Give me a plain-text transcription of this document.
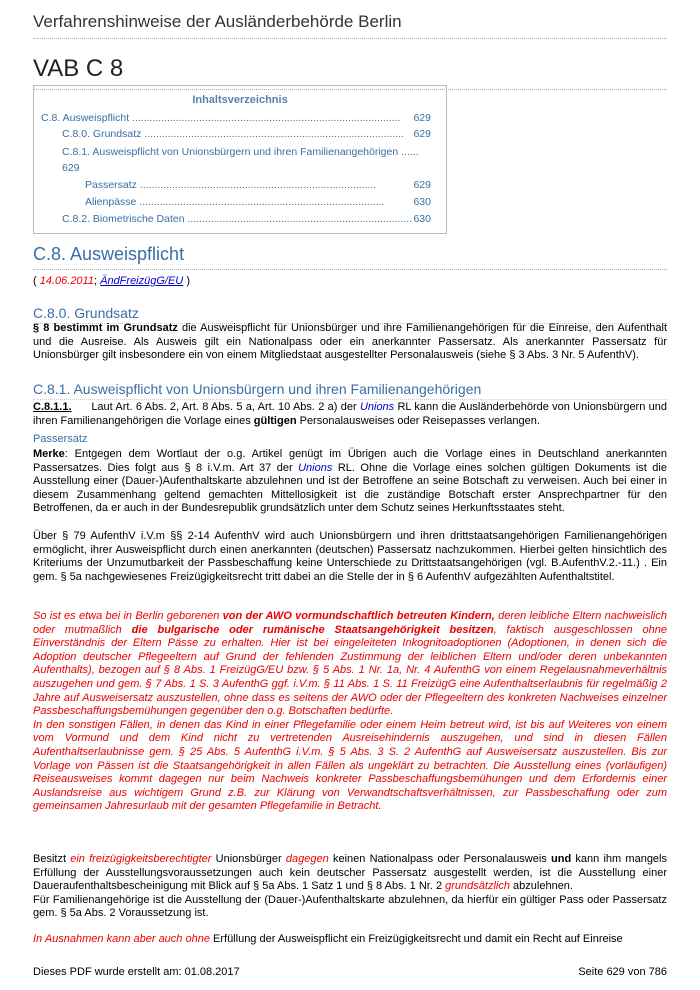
Verfahrenshinweise der Ausländerbehörde Berlin
VAB C 8
Inhaltsverzeichnis
C.8. Ausweispflicht ............................................................................................ 629
C.8.0. Grundsatz ......................................................................................... 629
C.8.1. Ausweispflicht von Unionsbürgern und ihren Familienangehörigen ......
629
Passersatz .................................................................................	629
Alienpässe ....................................................................................	630
C.8.2. Biometrische Daten ............................................................................. 630
C.8. Ausweispflicht
( 14.06.2011; ÄndFreizügG/EU )
C.8.0. Grundsatz
§ 8 bestimmt im Grundsatz die Ausweispflicht für Unionsbürger und ihre Familienangehörigen für die Einreise, den Aufenthalt und die Ausreise. Als Ausweis gilt ein Nationalpass oder ein anerkannter Passersatz. Als anerkannter Passersatz für Unionsbürger gilt insbesondere ein von einem Mitgliedstaat ausgestellter Personalausweis (siehe § 3 Abs. 3 Nr. 5 AufenthV).
C.8.1. Ausweispflicht von Unionsbürgern und ihren Familienangehörigen
C.8.1.1.      Laut Art. 6 Abs. 2, Art. 8 Abs. 5 a, Art. 10 Abs. 2 a) der Unions RL kann die Ausländerbehörde von Unionsbürgern und ihren Familienangehörigen die Vorlage eines gültigen Personalausweises oder Reisepasses verlangen.
Passersatz
Merke: Entgegen dem Wortlaut der o.g. Artikel genügt im Übrigen auch die Vorlage eines in Deutschland anerkannten Passersatzes. Dies folgt aus § 8 i.V.m. Art 37 der Unions RL. Ohne die Vorlage eines solchen gültigen Dokuments ist die Ausstellung einer (Dauer-)Aufenthaltskarte abzulehnen und ist der Betroffene an seine Botschaft zu verweisen. Auch bei einer in diesem Zusammenhang geltend gemachten Mittellosigkeit ist die zuständige Botschaft erster Ansprechpartner für den Betroffenen, da er auch in der Bundesrepublik grundsätzlich unter dem Schutz seines Herkunftsstaates steht.
Über § 79 AufenthV i.V.m §§ 2-14 AufenthV wird auch Unionsbürgern und ihren drittstaatsangehörigen Familienangehörigen ermöglicht, ihrer Ausweispflicht durch einen anerkannten (deutschen) Passersatz nachzukommen. Hierbei gelten hinsichtlich des Kriteriums der Unzumutbarkeit der Passbeschaffung keine Unterschiede zu Drittstaatsangehörigen (vgl. B.AufenthV.2.-11.) . Ein gem. § 5a nachgewiesenes Freizügigkeitsrecht tritt dabei an die Stelle der in § 6 AufenthV aufgezählten Aufenthaltstitel.
So ist es etwa bei in Berlin geborenen von der AWO vormundschaftlich betreuten Kindern, deren leibliche Eltern nachweislich oder mutmaßlich die bulgarische oder rumänische Staatsangehörigkeit besitzen, faktisch ausgeschlossen ohne Einverständnis der Eltern Pässe zu erhalten. Hier ist bei eingeleiteten Inkognitoadoptionen (Adoptionen, in denen sich die Adoption deutscher Pflegeeltern auf Grund der fehlenden Zustimmung der leiblichen Eltern und/oder deren unbekannten Aufenthalts), bezogen auf § 8 Abs. 1 FreizügG/EU bzw. § 5 Abs. 1 Nr. 1a, Nr. 4 AufenthG von einem Regelausnahmeverhältnis auszugehen und gem. § 7 Abs. 1 S. 3 AufenthG ggf. i.V.m. § 11 Abs. 1 S. 11 FreizügG eine Aufenthaltserlaubnis für regelmäßig 2 Jahre auf Ausweisersatz auszustellen, ohne dass es seitens der AWO oder der Pflegeeltern des konkreten Nachweises einzelner Passbeschaffungsbemühungen gegenüber den o.g. Botschaften bedürfte.
In den sonstigen Fällen, in denen das Kind in einer Pflegefamilie oder einem Heim betreut wird, ist bis auf Weiteres von einem vom Vormund und dem Kind nicht zu vertretenden Ausreisehindernis auszugehen, und sind in diesen Fällen Aufenthaltserlaubnisse gem. § 25 Abs. 5 AufenthG i.V.m. § 5 Abs. 3 S. 2 AufenthG auf Ausweisersatz auszustellen. Bis zur Vorlage von Pässen ist die Staatsangehörigkeit in allen Fällen als ungeklärt zu betrachten. Die Ausstellung eines (vorläufigen) Reiseausweises kommt dagegen nur beim Nachweis konkreter Passbeschaffungsbemühungen und dem Erfordernis einer Auslandsreise aus wichtigem Grund z.B. zur Klärung von Verwandtschaftsverhältnissen, zur Passbeschaffung oder zum gemeinsamen Jahresurlaub mit der gesamten Pflegefamilie in Betracht.
Besitzt ein freizügigkeitsberechtigter Unionsbürger dagegen keinen Nationalpass oder Personalausweis und kann ihm mangels Erfüllung der Ausstellungsvoraussetzungen auch kein deutscher Passersatz ausgestellt werden, ist die Ausstellung einer Daueraufenthaltsbescheinigung mit Blick auf § 5a Abs. 1 Satz 1 und § 8 Abs. 1 Nr. 2 grundsätzlich abzulehnen.
Für Familienangehörige ist die Ausstellung der (Dauer-)Aufenthaltskarte abzulehnen, da hierfür ein gültiger Pass oder Passersatz gem. § 5a Abs. 2 Voraussetzung ist.
In Ausnahmen kann aber auch ohne Erfüllung der Ausweispflicht ein Freizügigkeitsrecht und damit ein Recht auf Einreise
Dieses PDF wurde erstellt am: 01.08.2017	Seite 629 von 786
